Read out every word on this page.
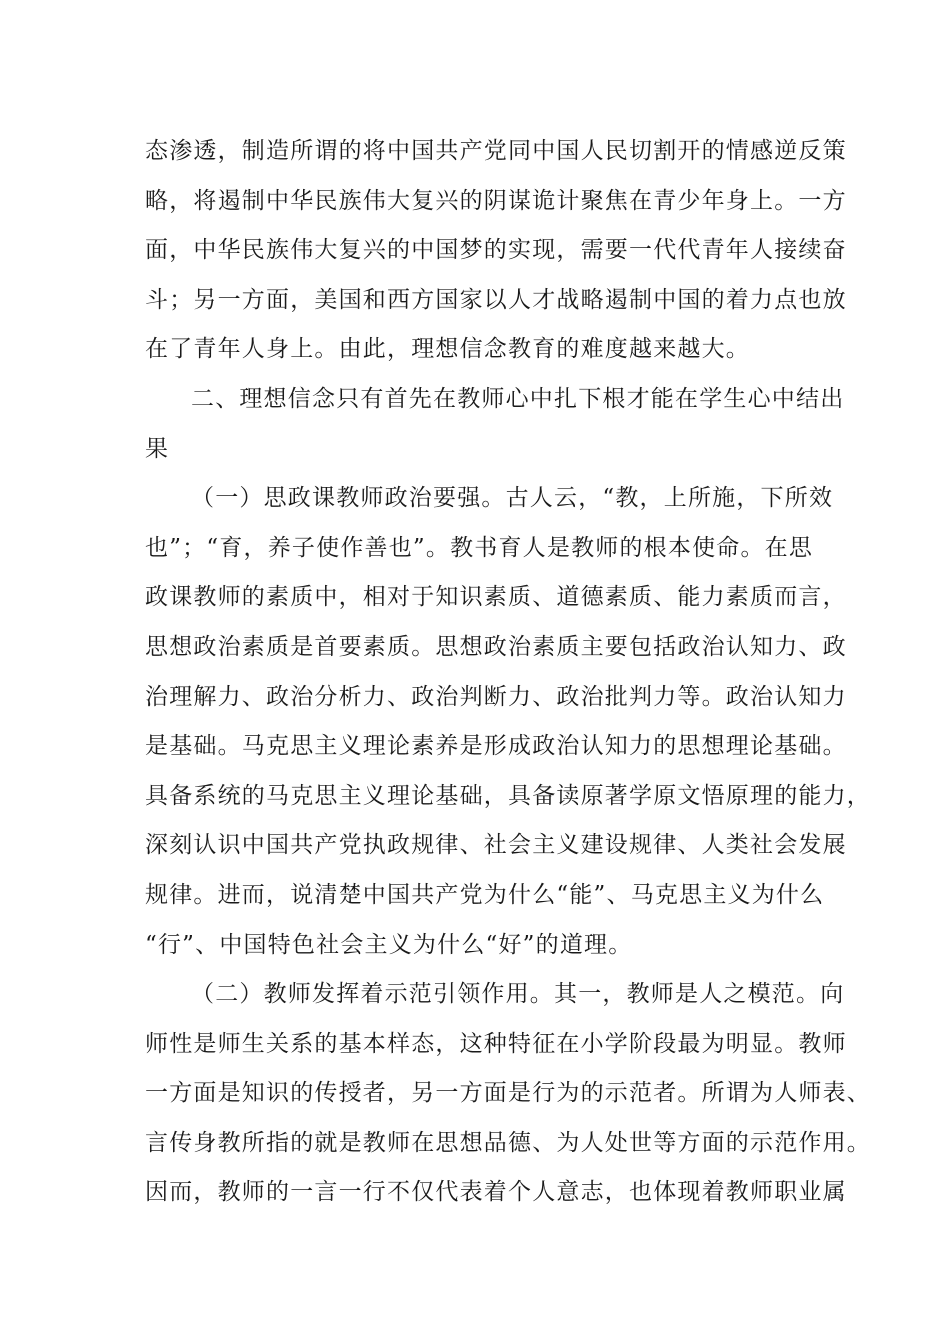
态渗透，制造所谓的将中国共产党同中国人民切割开的情感逆反策
略，将遏制中华民族伟大复兴的阴谋诡计聚焦在青少年身上。一方
面，中华民族伟大复兴的中国梦的实现，需要一代代青年人接续奋
斗；另一方面，美国和西方国家以人才战略遏制中国的着力点也放
在了青年人身上。由此，理想信念教育的难度越来越大。
二、理想信念只有首先在教师心中扎下根才能在学生心中结出
果
（一）思政课教师政治要强。古人云，“教，上所施，下所效
也”；“育，养子使作善也”。教书育人是教师的根本使命。在思
政课教师的素质中，相对于知识素质、道德素质、能力素质而言，
思想政治素质是首要素质。思想政治素质主要包括政治认知力、政
治理解力、政治分析力、政治判断力、政治批判力等。政治认知力
是基础。马克思主义理论素养是形成政治认知力的思想理论基础。
具备系统的马克思主义理论基础，具备读原著学原文悟原理的能力，
深刻认识中国共产党执政规律、社会主义建设规律、人类社会发展
规律。进而，说清楚中国共产党为什么“能”、马克思主义为什么
“行”、中国特色社会主义为什么“好”的道理。
（二）教师发挥着示范引领作用。其一，教师是人之模范。向
师性是师生关系的基本样态，这种特征在小学阶段最为明显。教师
一方面是知识的传授者，另一方面是行为的示范者。所谓为人师表、
言传身教所指的就是教师在思想品德、为人处世等方面的示范作用。
因而，教师的一言一行不仅代表着个人意志，也体现着教师职业属
